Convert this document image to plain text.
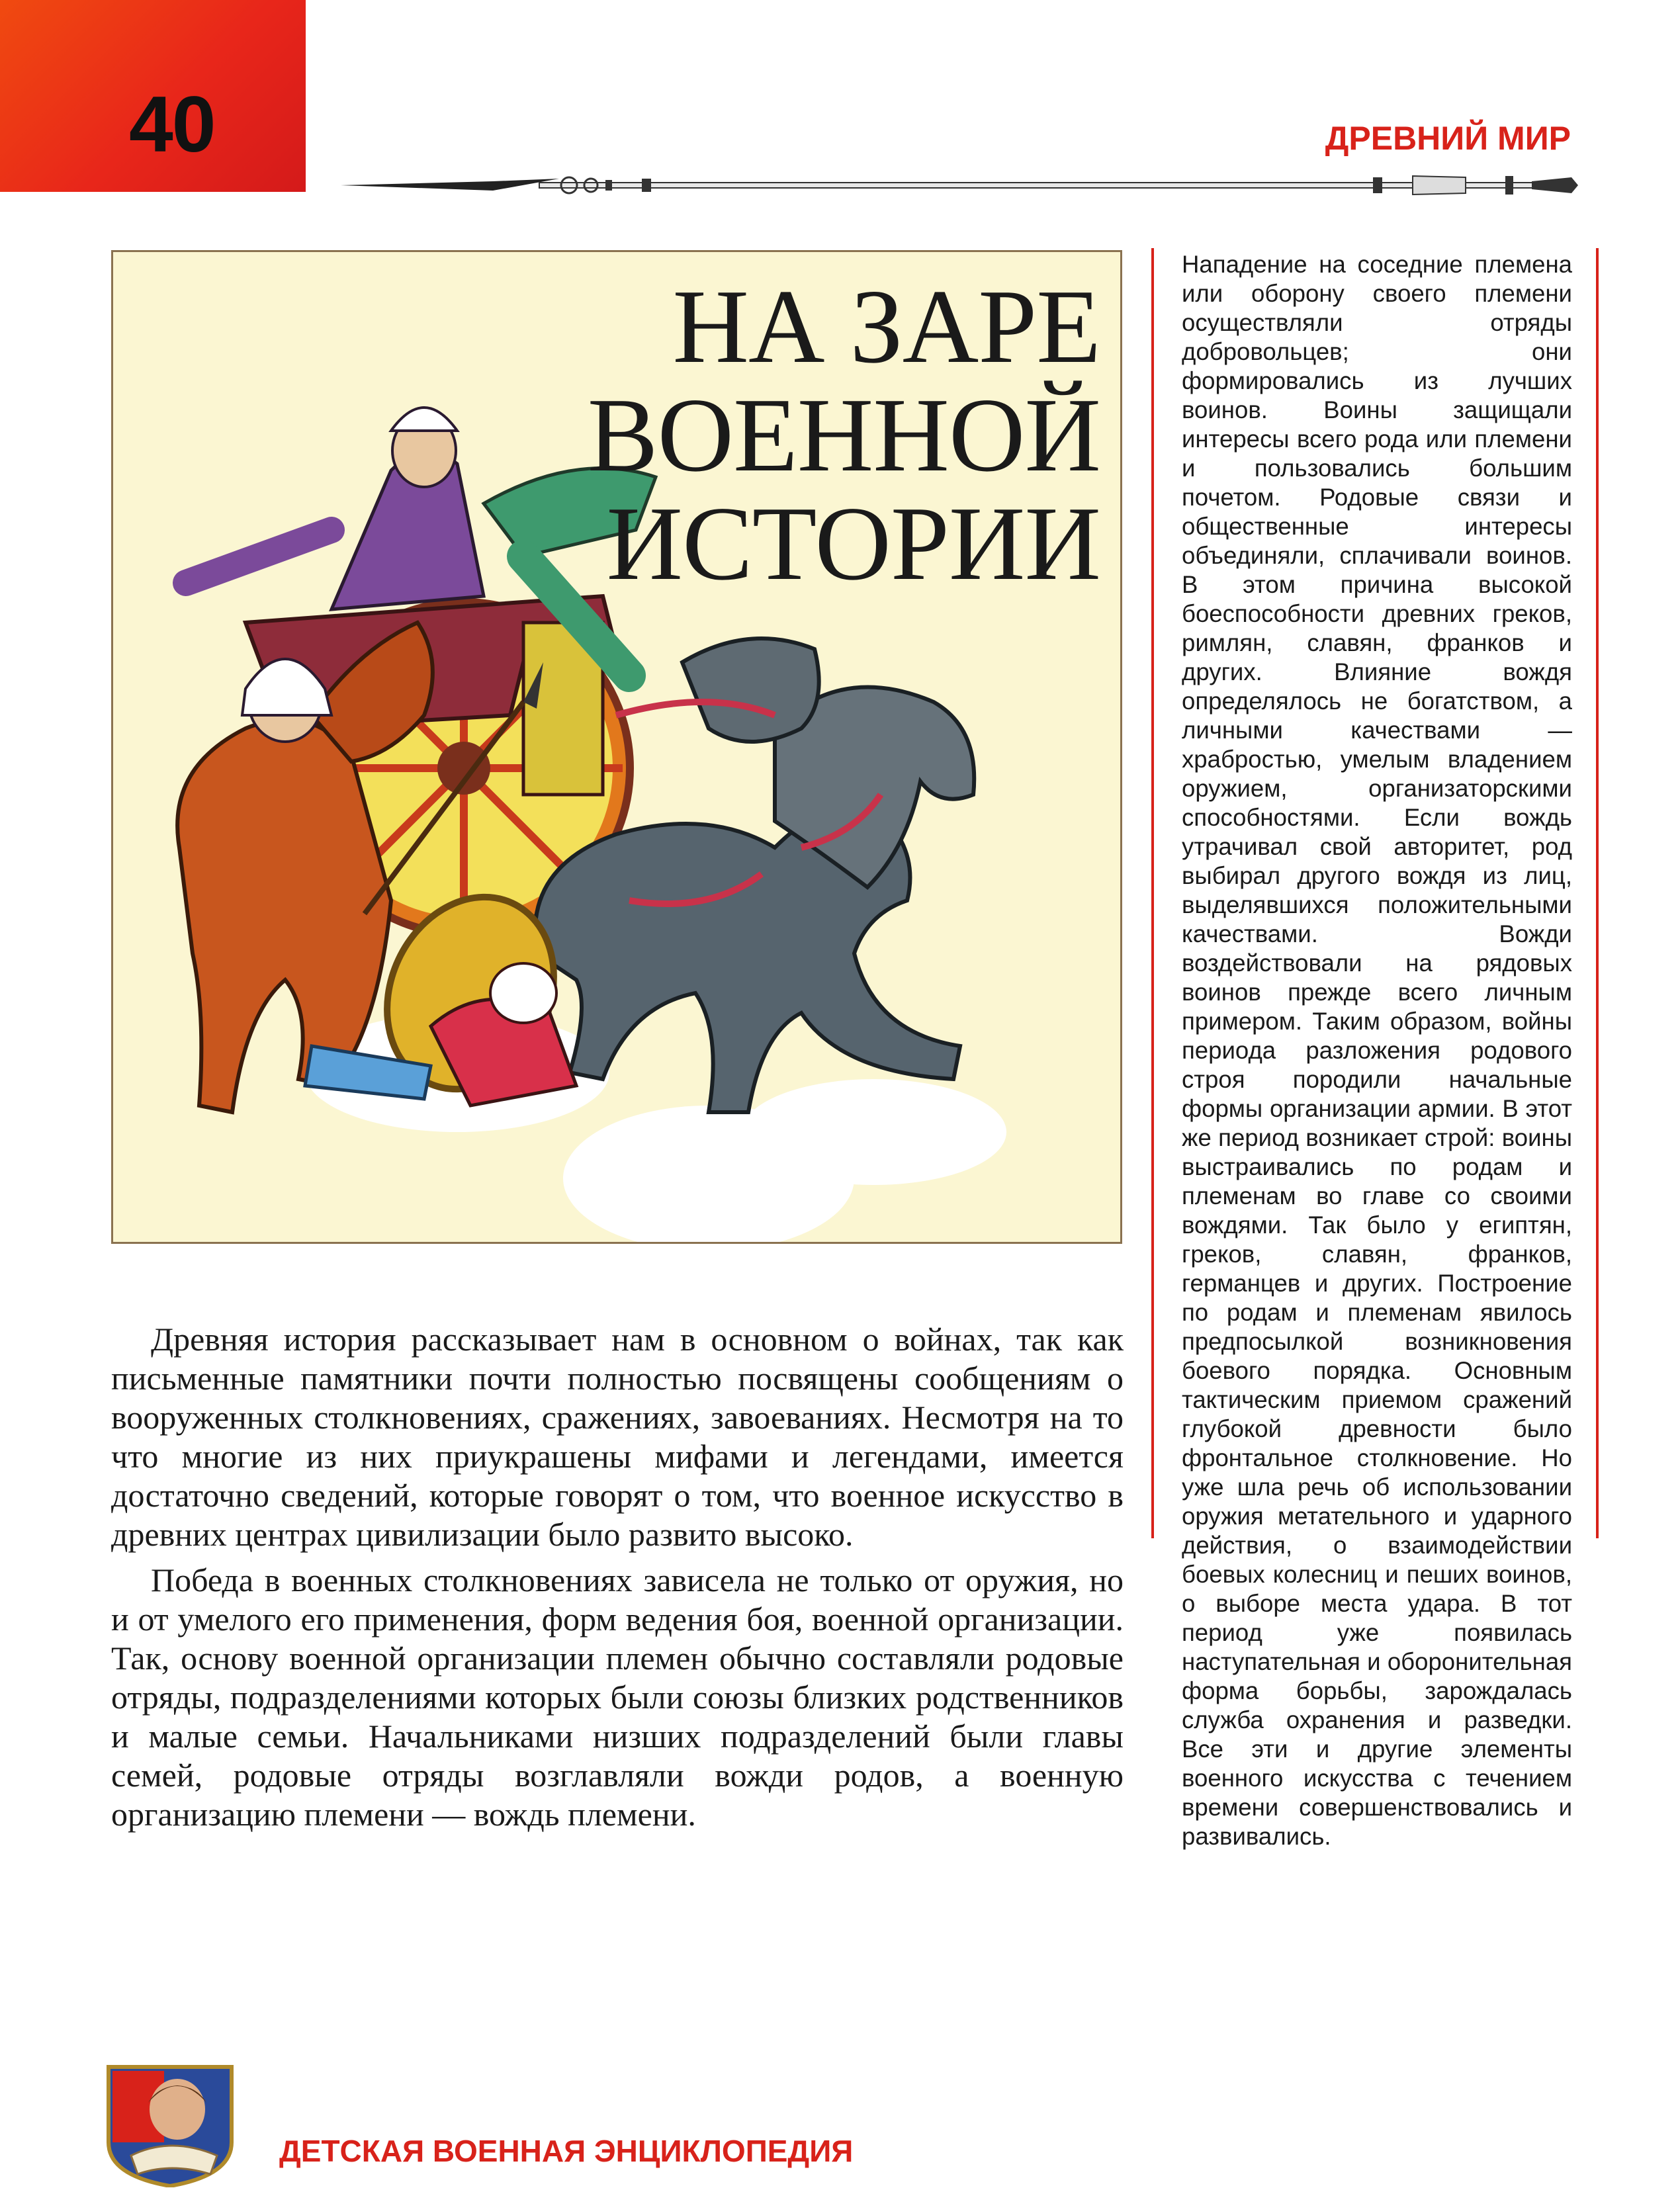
40	ДРЕВНИЙ МИР
НА ЗАРЕ
ВОЕННОЙ
ИСТОРИИ

Нападение на соседние племена или оборону своего племени осуществляли отряды добровольцев; они формировались из лучших воинов. Воины защищали интересы всего рода или племени и пользовались большим почетом. Родовые связи и общественные интересы объединяли, сплачивали воинов. В этом причина высокой боеспособности древних греков, римлян, славян, франков и других. Влияние вождя определялось не богатством, а личными качествами — храбростью, умелым владением оружием, организаторскими способностями. Если вождь утрачивал свой авторитет, род выбирал другого вождя из лиц, выделявшихся положительными качествами. Вожди воздействовали на рядовых воинов прежде всего личным примером. Таким образом, войны периода разложения родового строя породили начальные формы организации армии. В этот же период возникает строй: воины выстраивались по родам и племенам во главе со своими вождями. Так было у египтян, греков, славян, франков, германцев и других. Построение по родам и племенам явилось предпосылкой возникновения боевого порядка. Основным тактическим приемом сражений глубокой древности было фронтальное столкновение. Но уже шла речь об использовании оружия метательного и ударного действия, о взаимодействии боевых колесниц и пеших воинов, о выборе места удара. В тот период уже появилась наступательная и оборонительная форма борьбы, зарождалась служба охранения и разведки. Все эти и другие элементы военного искусства с течением времени совершенствовались и развивались.

Древняя история рассказывает нам в основном о войнах, так как письменные памятники почти полностью посвящены сообщениям о вооруженных столкновениях, сражениях, завоеваниях. Несмотря на то что многие из них приукрашены мифами и легендами, имеется достаточно сведений, которые говорят о том, что военное искусство в древних центрах цивилизации было развито высоко.

Победа в военных столкновениях зависела не только от оружия, но и от умелого его применения, форм ведения боя, военной организации. Так, основу военной организации племен обычно составляли родовые отряды, подразделениями которых были союзы близких родственников и малые семьи. Начальниками низших подразделений были главы семей, родовые отряды возглавляли вожди родов, а военную организацию племени — вождь племени.

ДЕТСКАЯ ВОЕННАЯ ЭНЦИКЛОПЕДИЯ
